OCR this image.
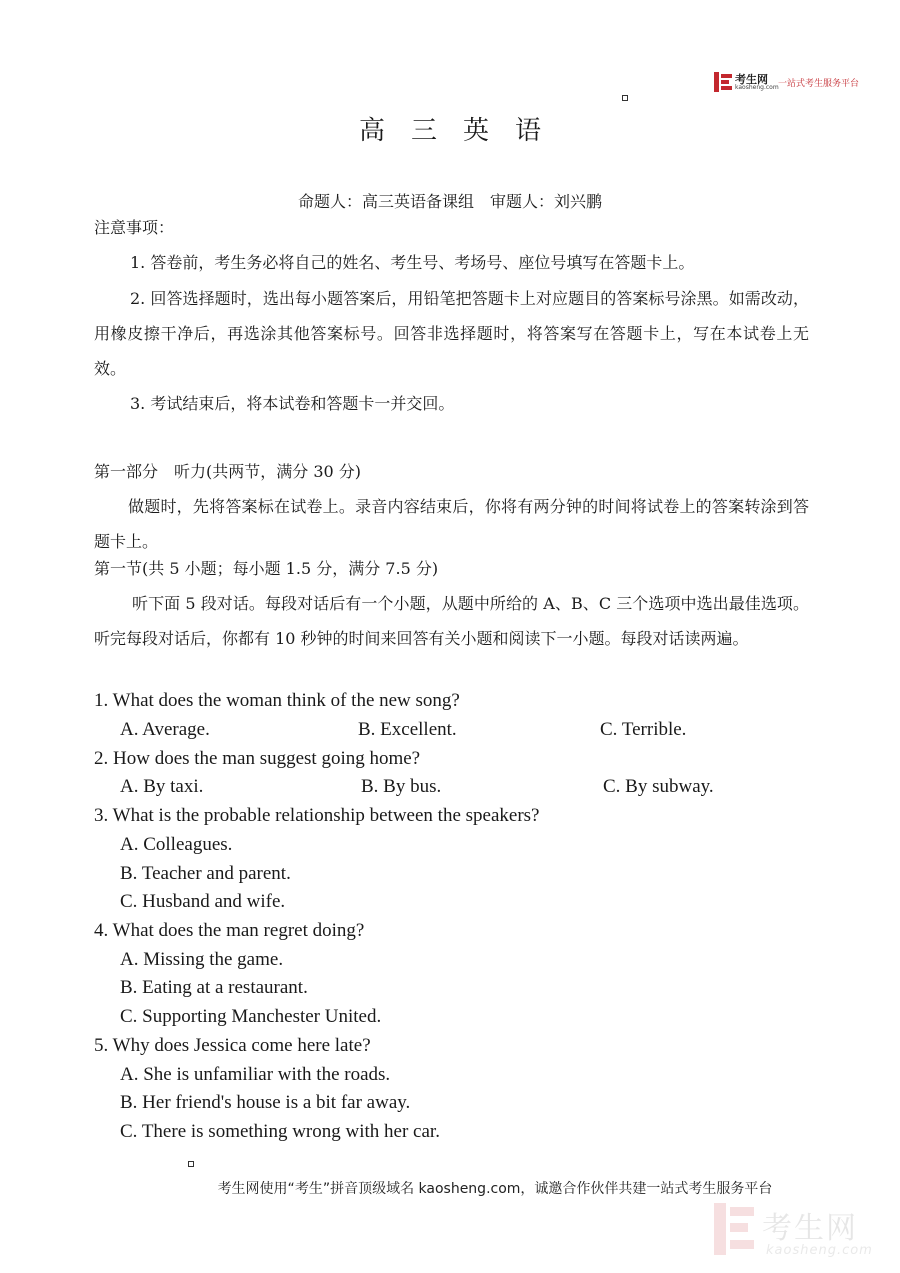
考生网
kaosheng.com 一站式考生服务平台
高三英语
命题人：高三英语备课组　审题人：刘兴鹏
注意事项：
1. 答卷前，考生务必将自己的姓名、考生号、考场号、座位号填写在答题卡上。
2. 回答选择题时，选出每小题答案后，用铅笔把答题卡上对应题目的答案标号涂黑。如需改动，用橡皮擦干净后，再选涂其他答案标号。回答非选择题时，将答案写在答题卡上，写在本试卷上无效。
3. 考试结束后，将本试卷和答题卡一并交回。
第一部分　听力(共两节，满分 30 分)
做题时，先将答案标在试卷上。录音内容结束后，你将有两分钟的时间将试卷上的答案转涂到答题卡上。
第一节(共 5 小题；每小题 1.5 分，满分 7.5 分)
听下面 5 段对话。每段对话后有一个小题，从题中所给的 A、B、C 三个选项中选出最佳选项。听完每段对话后，你都有 10 秒钟的时间来回答有关小题和阅读下一小题。每段对话读两遍。
1. What does the woman think of the new song?
A. Average.	B. Excellent.	C. Terrible.
2. How does the man suggest going home?
A. By taxi.	B. By bus.	C. By subway.
3. What is the probable relationship between the speakers?
A. Colleagues.
B. Teacher and parent.
C. Husband and wife.
4. What does the man regret doing?
A. Missing the game.
B. Eating at a restaurant.
C. Supporting Manchester United.
5. Why does Jessica come here late?
A. She is unfamiliar with the roads.
B. Her friend's house is a bit far away.
C. There is something wrong with her car.
考生网使用“考生”拼音顶级域名 kaosheng.com，诚邀合作伙伴共建一站式考生服务平台
考生网
kaosheng.com
